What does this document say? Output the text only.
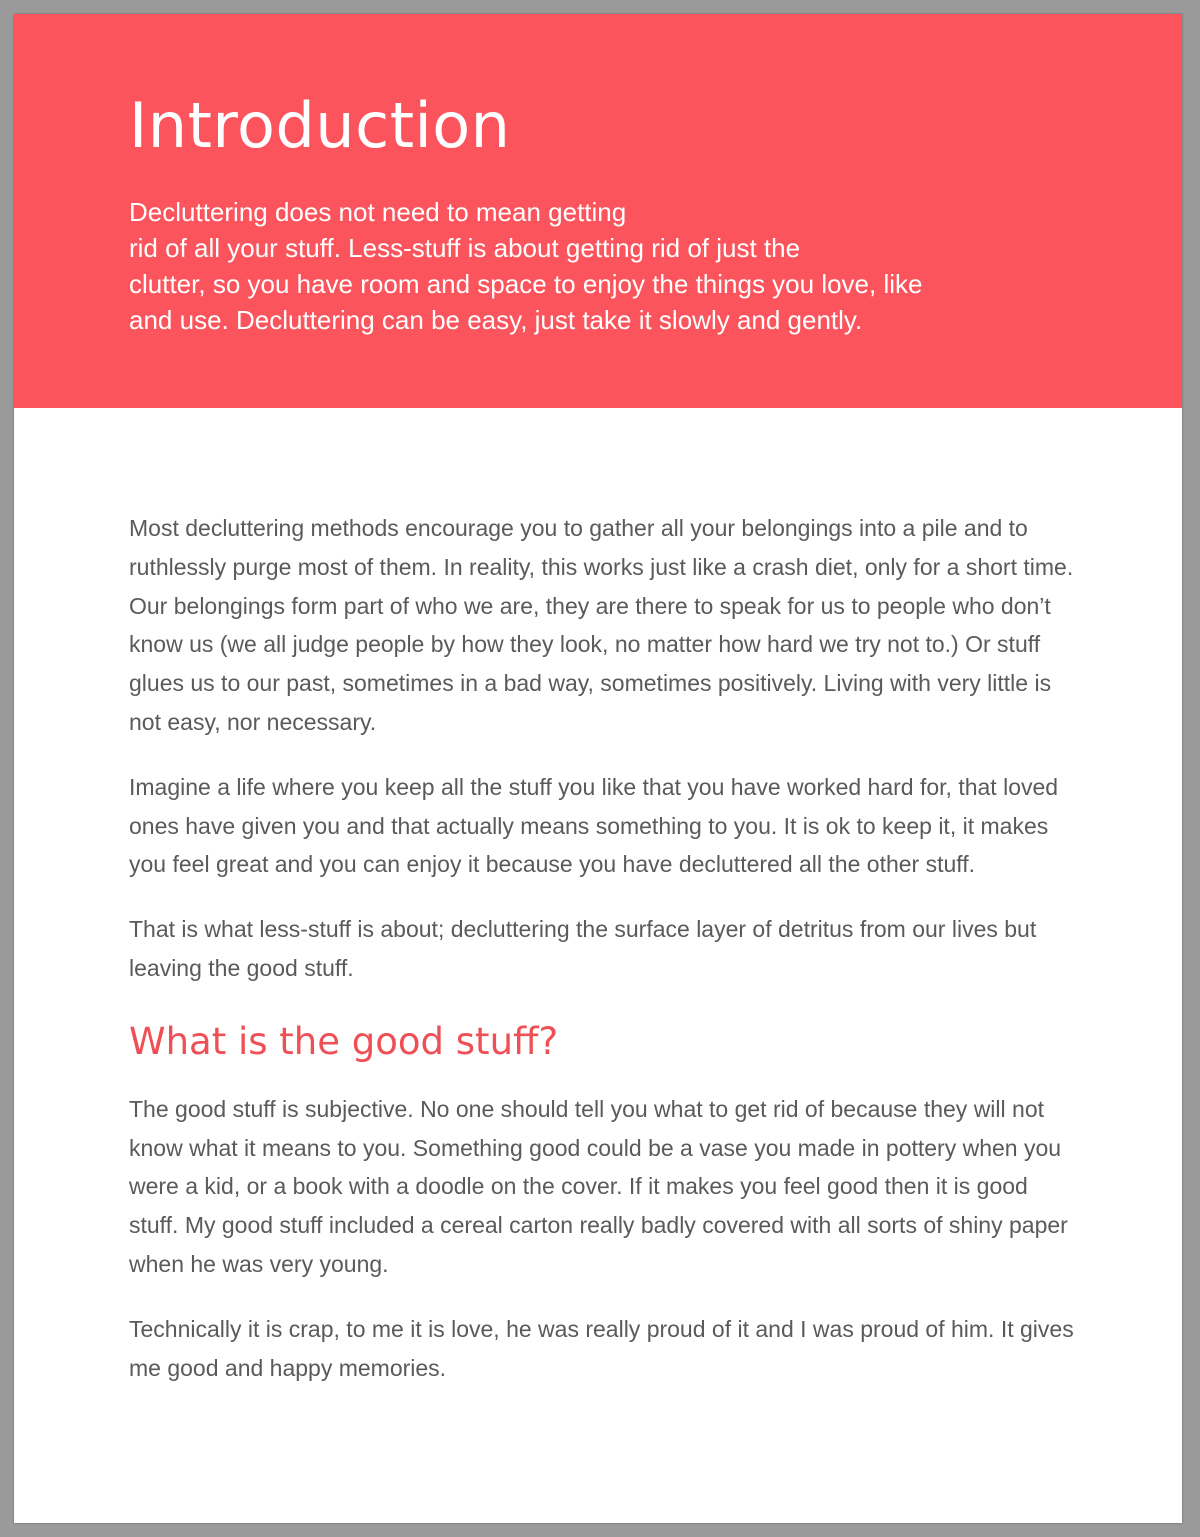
Introduction

Decluttering does not need to mean getting
rid of all your stuff. Less-stuff is about getting rid of just the
clutter, so you have room and space to enjoy the things you love, like
and use. Decluttering can be easy, just take it slowly and gently.

Most decluttering methods encourage you to gather all your belongings into a pile and to ruthlessly purge most of them. In reality, this works just like a crash diet, only for a short time. Our belongings form part of who we are, they are there to speak for us to people who don’t know us (we all judge people by how they look, no matter how hard we try not to.) Or stuff glues us to our past, sometimes in a bad way, sometimes positively. Living with very little is not easy, nor necessary.

Imagine a life where you keep all the stuff you like that you have worked hard for, that loved ones have given you and that actually means something to you. It is ok to keep it, it makes you feel great and you can enjoy it because you have decluttered all the other stuff.

That is what less-stuff is about; decluttering the surface layer of detritus from our lives but leaving the good stuff.

What is the good stuff?

The good stuff is subjective. No one should tell you what to get rid of because they will not know what it means to you. Something good could be a vase you made in pottery when you were a kid, or a book with a doodle on the cover. If it makes you feel good then it is good stuff. My good stuff included a cereal carton really badly covered with all sorts of shiny paper when he was very young.

Technically it is crap, to me it is love, he was really proud of it and I was proud of him. It gives me good and happy memories.
